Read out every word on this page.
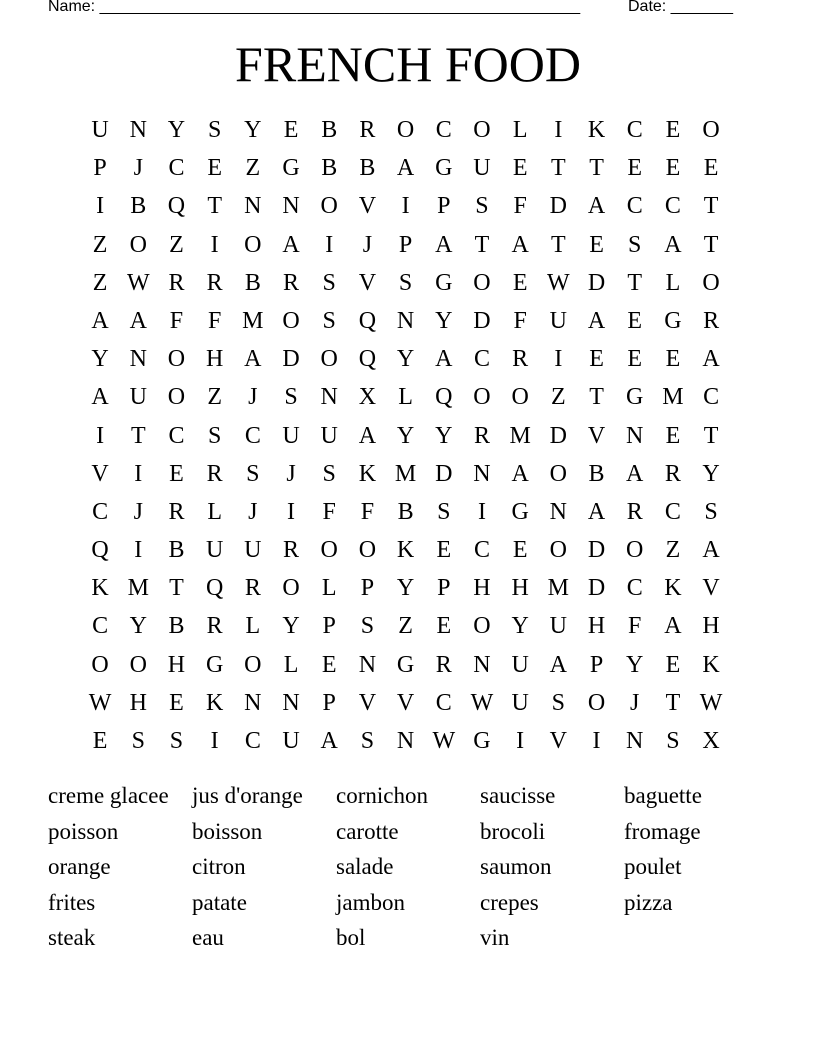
Name: ______________________________________________________	Date: _______
FRENCH FOOD
U N Y S Y E B R O C O L	I	K C E O
P	J	C E Z G B B A G U E T T E E E
I	B Q T N N O V	I	P	S	F D A C C T
Z O Z	I	O A	I	J	P A T A T E	S A T
Z W R R B R S V S G O E W D T L O
A A F	F M O S Q N Y D F U A E G R
Y N O H A D O Q Y A C R	I	E E E A
A U O Z	J	S N X L Q O O Z T G M C
I	T C S C U U A Y Y R M D V N E T
V	I	E R S	J	S K M D N A O B A R Y
C	J	R L	J	I	F	F B S	I	G N A R C S
Q	I	B U U R O O K E C E O D O Z A
K M T Q R O L	P Y P H H M D C K V
C Y B R L Y P	S	Z E O Y U H F A H
O O H G O L E N G R N U A P Y E K
W H E K N N P V V C W U S O	J	T W
E	S	S	I	C U A S N W G	I	V	I	N S X
creme glacee	jus d'orange	cornichon	saucisse	baguette
poisson	boisson	carotte	brocoli	fromage
orange	citron	salade	saumon	poulet
frites	patate	jambon	crepes	pizza
steak	eau	bol	vin
